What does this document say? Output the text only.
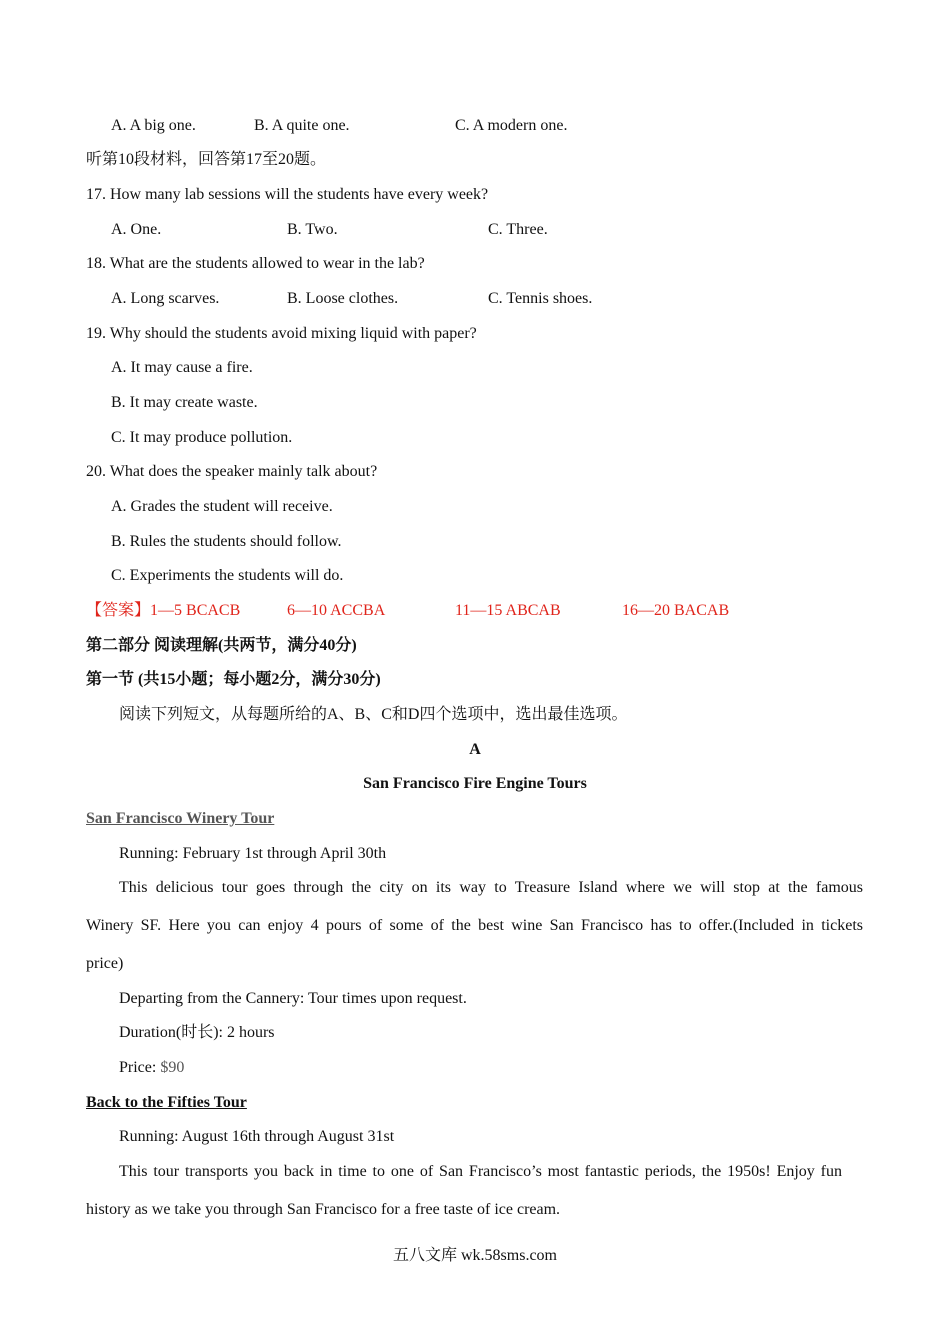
A. A big one.	B. A quite one.	C. A modern one.
听第10段材料，回答第17至20题。
17. How many lab sessions will the students have every week?
A. One.	B. Two.	C. Three.
18. What are the students allowed to wear in the lab?
A. Long scarves.	B. Loose clothes.	C. Tennis shoes.
19. Why should the students avoid mixing liquid with paper?
A. It may cause a fire.
B. It may create waste.
C. It may produce pollution.
20. What does the speaker mainly talk about?
A. Grades the student will receive.
B. Rules the students should follow.
C. Experiments the students will do.
【答案】1—5 BCACB	6—10 ACCBA	11—15 ABCAB	16—20 BACAB
第二部分 阅读理解(共两节，满分40分)
第一节 (共15小题；每小题2分，满分30分)
阅读下列短文，从每题所给的A、B、C和D四个选项中，选出最佳选项。
A
San Francisco Fire Engine Tours
San Francisco Winery Tour
Running: February 1st through April 30th
This delicious tour goes through the city on its way to Treasure Island where we will stop at the famous
Winery SF. Here you can enjoy 4 pours of some of the best wine San Francisco has to offer.(Included in tickets
price)
Departing from the Cannery: Tour times upon request.
Duration(时长): 2 hours
Price: $90
Back to the Fifties Tour
Running: August 16th through August 31st
This tour transports you back in time to one of San Francisco’s most fantastic periods, the 1950s! Enjoy fun
history as we take you through San Francisco for a free taste of ice cream.
五八文库 wk.58sms.com
